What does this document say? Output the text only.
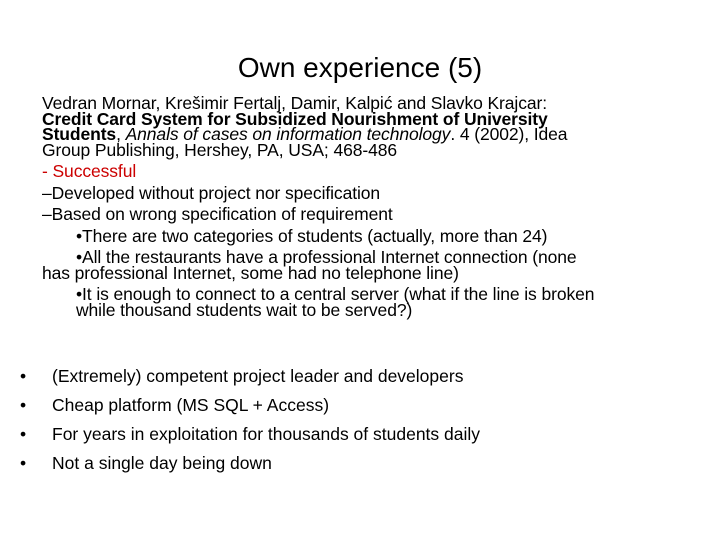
Own experience (5)
Vedran Mornar, Krešimir Fertalj, Damir, Kalpić and Slavko Krajcar:
Credit Card System for Subsidized Nourishment of University
Students, Annals of cases on information technology. 4 (2002), Idea
Group Publishing, Hershey, PA, USA; 468-486
- Successful
–Developed without project nor specification
–Based on wrong specification of requirement
•There are two categories of students (actually, more than 24)
•All the restaurants have a professional Internet connection (none
has professional Internet, some had no telephone line)
•It is enough to connect to a central server (what if the line is broken
while thousand students wait to be served?)
•	(Extremely) competent project leader and developers
•	Cheap platform (MS SQL + Access)
•	For years in exploitation for thousands of students daily
•	Not a single day being down
